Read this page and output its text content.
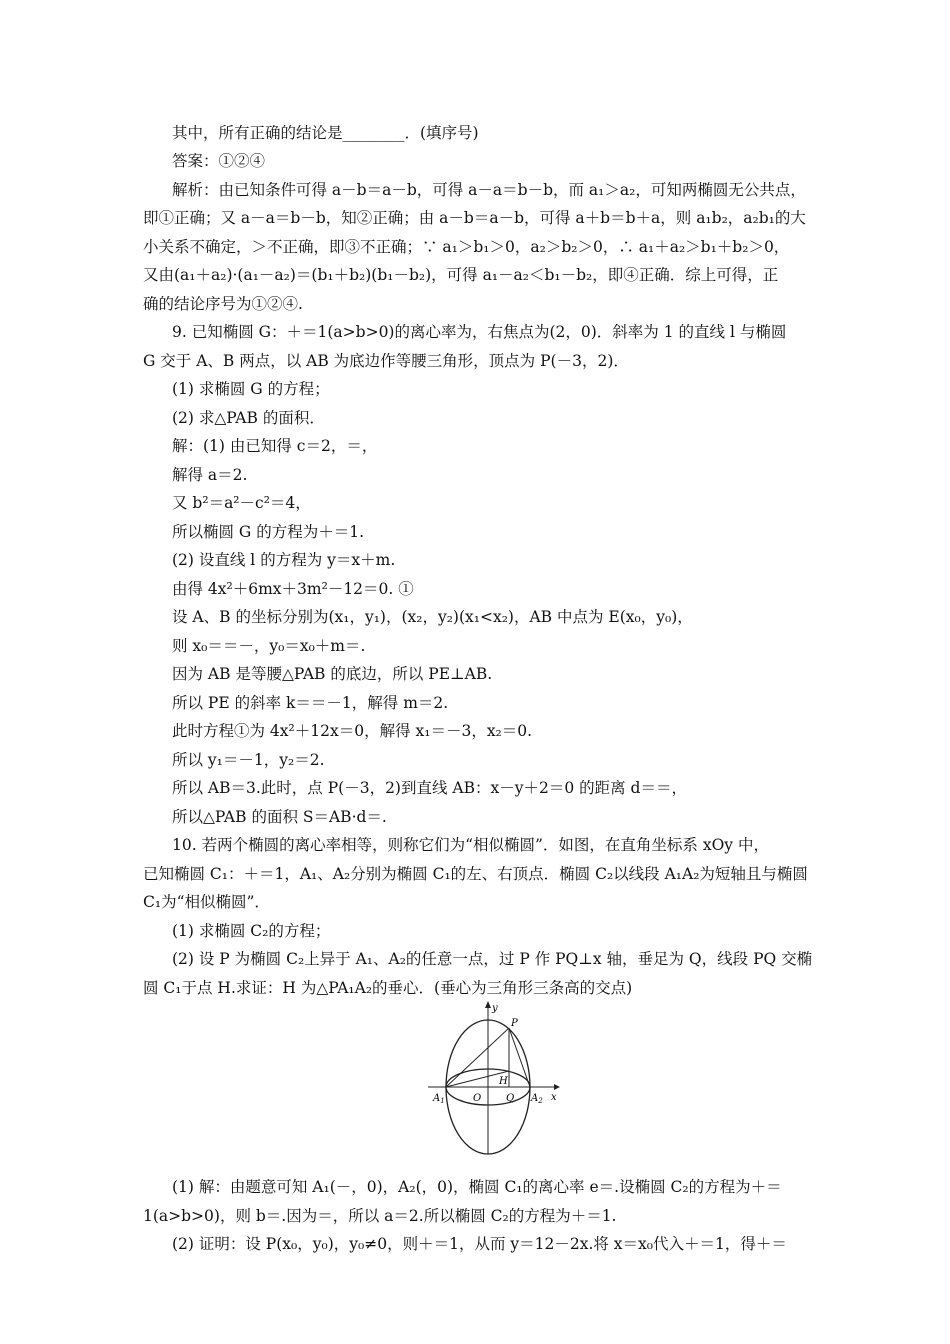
其中，所有正确的结论是________．(填序号)
答案：①②④
解析：由已知条件可得 a－b＝a－b，可得 a－a＝b－b，而 a₁＞a₂，可知两椭圆无公共点，
即①正确；又 a－a＝b－b，知②正确；由 a－b＝a－b，可得 a＋b＝b＋a，则 a₁b₂，a₂b₁的大
小关系不确定，＞不正确，即③不正确；∵ a₁＞b₁＞0，a₂＞b₂＞0，∴ a₁＋a₂＞b₁＋b₂＞0，
又由(a₁＋a₂)·(a₁－a₂)＝(b₁＋b₂)(b₁－b₂)，可得 a₁－a₂＜b₁－b₂，即④正确．综上可得，正
确的结论序号为①②④.
9. 已知椭圆 G：＋＝1(a>b>0)的离心率为，右焦点为(2，0)．斜率为 1 的直线 l 与椭圆
G 交于 A、B 两点，以 AB 为底边作等腰三角形，顶点为 P(－3，2)．
(1) 求椭圆 G 的方程；
(2) 求△PAB 的面积．
解：(1) 由已知得 c＝2，＝，
解得 a＝2.
又 b²＝a²－c²＝4，
所以椭圆 G 的方程为＋＝1.
(2) 设直线 l 的方程为 y＝x＋m.
由得 4x²＋6mx＋3m²－12＝0. ①
设 A、B 的坐标分别为(x₁，y₁)，(x₂，y₂)(x₁<x₂)，AB 中点为 E(x₀，y₀)，
则 x₀＝＝－，y₀＝x₀＋m＝.
因为 AB 是等腰△PAB 的底边，所以 PE⊥AB.
所以 PE 的斜率 k＝＝－1，解得 m＝2.
此时方程①为 4x²＋12x＝0，解得 x₁＝－3，x₂＝0.
所以 y₁＝－1，y₂＝2.
所以 AB＝3.此时，点 P(－3，2)到直线 AB：x－y＋2＝0 的距离 d＝＝，
所以△PAB 的面积 S＝AB·d＝.
10. 若两个椭圆的离心率相等，则称它们为“相似椭圆”．如图，在直角坐标系 xOy 中，
已知椭圆 C₁：＋＝1，A₁、A₂分别为椭圆 C₁的左、右顶点．椭圆 C₂以线段 A₁A₂为短轴且与椭圆
C₁为“相似椭圆”．
(1) 求椭圆 C₂的方程；
(2) 设 P 为椭圆 C₂上异于 A₁、A₂的任意一点，过 P 作 PQ⊥x 轴，垂足为 Q，线段 PQ 交椭
圆 C₁于点 H.求证：H 为△PA₁A₂的垂心．(垂心为三角形三条高的交点)
y
x
P
H
$A_1$	O Q $A_2$
(1) 解：由题意可知 A₁(－，0)，A₂(，0)，椭圆 C₁的离心率 e＝.设椭圆 C₂的方程为＋＝
1(a>b>0)，则 b＝.因为＝，所以 a＝2.所以椭圆 C₂的方程为＋＝1.
(2) 证明：设 P(x₀，y₀)，y₀≠0，则＋＝1，从而 y＝12－2x.将 x＝x₀代入＋＝1，得＋＝
